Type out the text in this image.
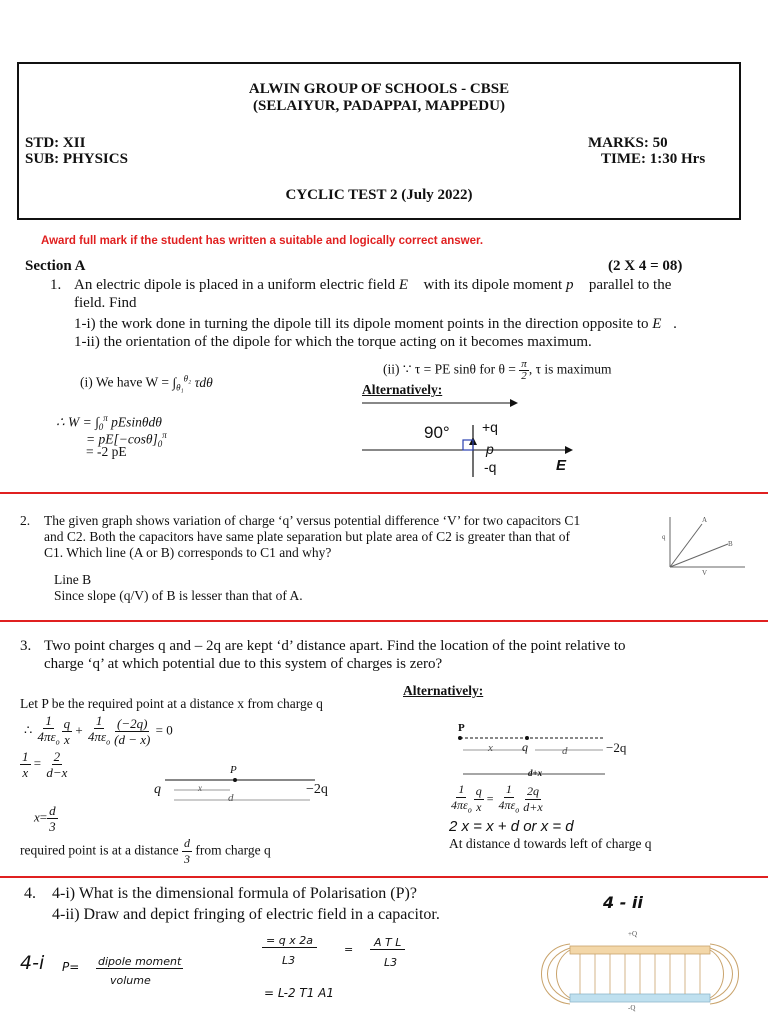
ALWIN GROUP OF SCHOOLS - CBSE
(SELAIYUR, PADAPPAI, MAPPEDU)
STD: XII
SUB: PHYSICS
MARKS: 50
TIME: 1:30 Hrs
CYCLIC TEST 2 (July 2022)
Award full mark if the student has written a suitable and logically correct answer.
Section A	(2 X 4 = 08)
1. An electric dipole is placed in a uniform electric field E⃗ with its dipole moment p⃗ parallel to the
field. Find
1-i) the work done in turning the dipole till its dipole moment points in the direction opposite to E⃗.
1-ii) the orientation of the dipole for which the torque acting on it becomes maximum.
(i) We have $W = \int_{\theta_1}^{\theta_2}$ τdθ
∴ $W = \int_0^\pi$ pEsinθdθ
= $pE[-\cos\theta]_0^\pi$
= -2 pE
(ii) ∵ τ = PE sinθ for $\theta = \frac{\pi}{2}$ , τ is maximum
Alternatively:
90° +q
p
-q	E
2. The given graph shows variation of charge ‘q’ versus potential difference ‘V’ for two capacitors C1
and C2. Both the capacitors have same plate separation but plate area of C2 is greater than that of
C1. Which line (A or B) corresponds to C1 and why?
Line B
Since slope (q/V) of B is lesser than that of A.
A
B
q
V
3. Two point charges q and – 2q are kept ‘d’ distance apart. Find the location of the point relative to
charge ‘q’ at which potential due to this system of charges is zero?
Alternatively:
Let P be the required point at a distance x from charge q
∴ $\frac{1}{4\pi\varepsilon_o} \frac{q}{x} + \frac{1}{4\pi\varepsilon_o} \frac{(-2q)}{(d - x)} = 0$
$\frac{1}{x} = \frac{2}{d-x}$
$x= \frac{d}{3}$
required point is at a distance $\frac{d}{3}$ from charge q
P
q	x
d
−2q
P
x q	d	−2q
d+x
$\frac{1}{4\pi\varepsilon_o} \frac{q}{x} = \frac{1}{4\pi\varepsilon_o} \frac{2q}{d+x}$
2 x = x + d or x = d
At distance d towards left of charge q
4. 4-i) What is the dimensional formula of Polarisation (P)?
4-ii) Draw and depict fringing of electric field in a capacitor.
4-i P= dipole moment
volume
= q x 2a
L3
=
A T L
L3
= L-2 T1 A1
4 - ii
+Q
-Q
